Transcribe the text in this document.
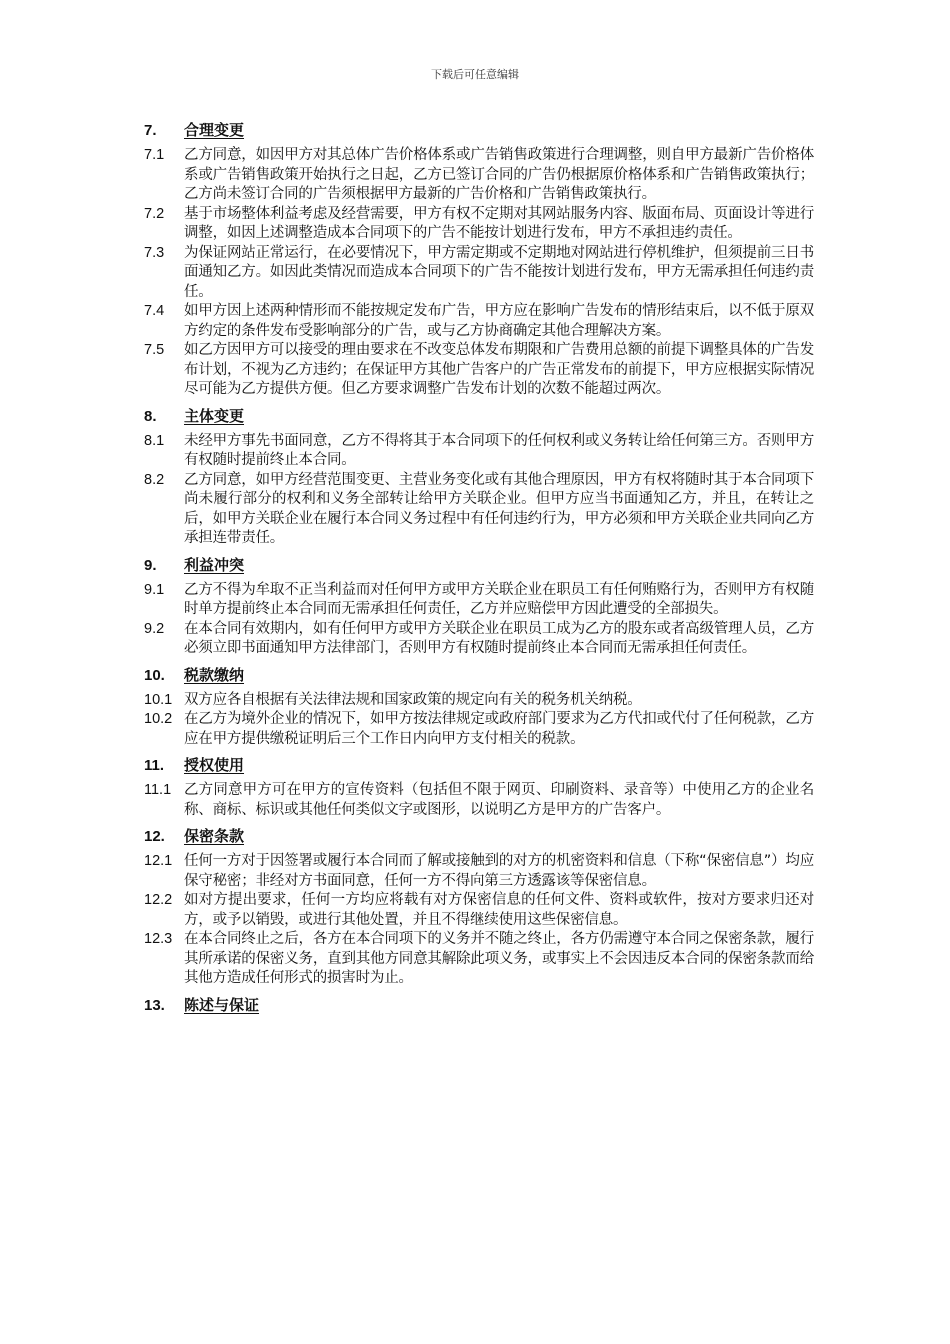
下载后可任意编辑
7.	合理变更
7.1	乙方同意，如因甲方对其总体广告价格体系或广告销售政策进行合理调整，则自甲方最新广告价格体系或广告销售政策开始执行之日起，乙方已签订合同的广告仍根据原价格体系和广告销售政策执行；乙方尚未签订合同的广告须根据甲方最新的广告价格和广告销售政策执行。
7.2	基于市场整体利益考虑及经营需要，甲方有权不定期对其网站服务内容、版面布局、页面设计等进行调整，如因上述调整造成本合同项下的广告不能按计划进行发布，甲方不承担违约责任。
7.3	为保证网站正常运行，在必要情况下，甲方需定期或不定期地对网站进行停机维护，但须提前三日书面通知乙方。如因此类情况而造成本合同项下的广告不能按计划进行发布，甲方无需承担任何违约责任。
7.4	如甲方因上述两种情形而不能按规定发布广告，甲方应在影响广告发布的情形结束后，以不低于原双方约定的条件发布受影响部分的广告，或与乙方协商确定其他合理解决方案。
7.5	如乙方因甲方可以接受的理由要求在不改变总体发布期限和广告费用总额的前提下调整具体的广告发布计划，不视为乙方违约；在保证甲方其他广告客户的广告正常发布的前提下，甲方应根据实际情况尽可能为乙方提供方便。但乙方要求调整广告发布计划的次数不能超过两次。
8.	主体变更
8.1	未经甲方事先书面同意，乙方不得将其于本合同项下的任何权利或义务转让给任何第三方。否则甲方有权随时提前终止本合同。
8.2	乙方同意，如甲方经营范围变更、主营业务变化或有其他合理原因，甲方有权将随时其于本合同项下尚未履行部分的权利和义务全部转让给甲方关联企业。但甲方应当书面通知乙方，并且，在转让之后，如甲方关联企业在履行本合同义务过程中有任何违约行为，甲方必须和甲方关联企业共同向乙方承担连带责任。
9.	利益冲突
9.1	乙方不得为牟取不正当利益而对任何甲方或甲方关联企业在职员工有任何贿赂行为，否则甲方有权随时单方提前终止本合同而无需承担任何责任，乙方并应赔偿甲方因此遭受的全部损失。
9.2	在本合同有效期内，如有任何甲方或甲方关联企业在职员工成为乙方的股东或者高级管理人员，乙方必须立即书面通知甲方法律部门，否则甲方有权随时提前终止本合同而无需承担任何责任。
10.	税款缴纳
10.1 双方应各自根据有关法律法规和国家政策的规定向有关的税务机关纳税。
10.2 在乙方为境外企业的情况下，如甲方按法律规定或政府部门要求为乙方代扣或代付了任何税款，乙方应在甲方提供缴税证明后三个工作日内向甲方支付相关的税款。
11.	授权使用
11.1 乙方同意甲方可在甲方的宣传资料（包括但不限于网页、印刷资料、录音等）中使用乙方的企业名称、商标、标识或其他任何类似文字或图形，以说明乙方是甲方的广告客户。
12.	保密条款
12.1 任何一方对于因签署或履行本合同而了解或接触到的对方的机密资料和信息（下称“保密信息”）均应保守秘密；非经对方书面同意，任何一方不得向第三方透露该等保密信息。
12.2 如对方提出要求，任何一方均应将载有对方保密信息的任何文件、资料或软件，按对方要求归还对方，或予以销毁，或进行其他处置，并且不得继续使用这些保密信息。
12.3 在本合同终止之后，各方在本合同项下的义务并不随之终止，各方仍需遵守本合同之保密条款，履行其所承诺的保密义务，直到其他方同意其解除此项义务，或事实上不会因违反本合同的保密条款而给其他方造成任何形式的损害时为止。
13.	陈述与保证
